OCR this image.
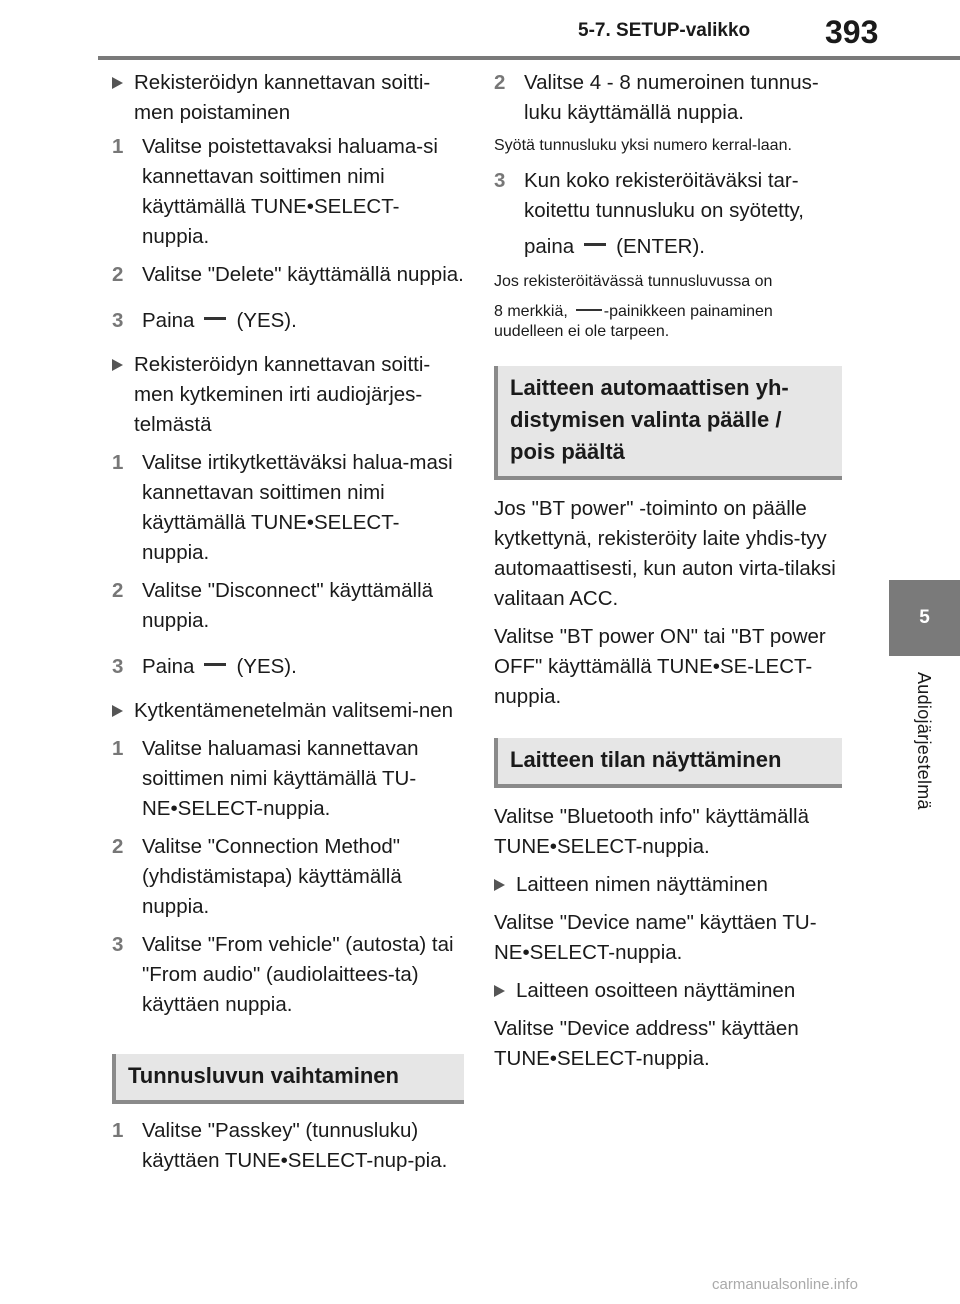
5-7. SETUP-valikko 393
5
Audiojärjestelmä
Rekisteröidyn kannettavan soitti-men poistaminen
1 Valitse poistettavaksi haluama-si kannettavan soittimen nimi käyttämällä TUNE•SELECT-nuppia.
2 Valitse "Delete" käyttämällä nuppia.
3 Paina (YES).
Rekisteröidyn kannettavan soitti-men kytkeminen irti audiojärjes-telmästä
1 Valitse irtikytkettäväksi halua-masi kannettavan soittimen nimi käyttämällä TUNE•SELECT-nuppia.
2 Valitse "Disconnect" käyttämällä nuppia.
3 Paina (YES).
Kytkentämenetelmän valitsemi-nen
1 Valitse haluamasi kannettavan soittimen nimi käyttämällä TU-NE•SELECT-nuppia.
2 Valitse "Connection Method" (yhdistämistapa) käyttämällä nuppia.
3 Valitse "From vehicle" (autosta) tai "From audio" (audiolaittees-ta) käyttäen nuppia.
Tunnusluvun vaihtaminen
1 Valitse "Passkey" (tunnusluku) käyttäen TUNE•SELECT-nup-pia.
2 Valitse 4 - 8 numeroinen tunnus-luku käyttämällä nuppia.
Syötä tunnusluku yksi numero kerral-laan.
3 Kun koko rekisteröitäväksi tar-koitettu tunnusluku on syötetty,
paina (ENTER).
Jos rekisteröitävässä tunnusluvussa on
8 merkkiä, -painikkeen painaminen
uudelleen ei ole tarpeen.
Laitteen automaattisen yh-distymisen valinta päälle / pois päältä
Jos "BT power" -toiminto on päälle kytkettynä, rekisteröity laite yhdis-tyy automaattisesti, kun auton virta-tilaksi valitaan ACC.
Valitse "BT power ON" tai "BT power OFF" käyttämällä TUNE•SE-LECT-nuppia.
Laitteen tilan näyttäminen
Valitse "Bluetooth info" käyttämällä TUNE•SELECT-nuppia.
Laitteen nimen näyttäminen
Valitse "Device name" käyttäen TU-NE•SELECT-nuppia.
Laitteen osoitteen näyttäminen
Valitse "Device address" käyttäen TUNE•SELECT-nuppia.
carmanualsonline.info
